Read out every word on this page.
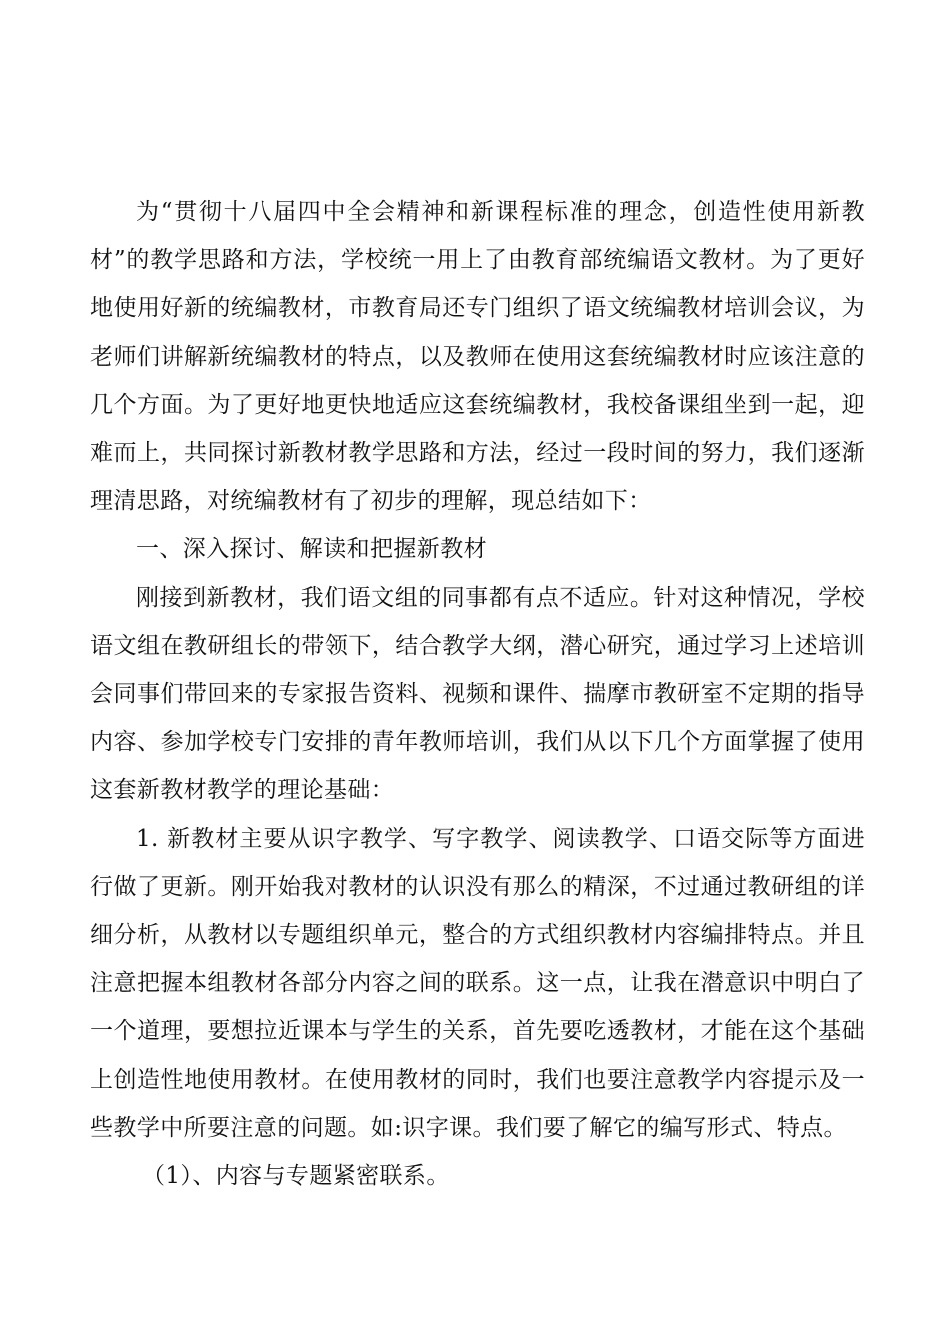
为“贯彻十八届四中全会精神和新课程标准的理念，创造性使用新教材”的教学思路和方法，学校统一用上了由教育部统编语文教材。为了更好地使用好新的统编教材，市教育局还专门组织了语文统编教材培训会议，为老师们讲解新统编教材的特点，以及教师在使用这套统编教材时应该注意的几个方面。为了更好地更快地适应这套统编教材，我校备课组坐到一起，迎难而上，共同探讨新教材教学思路和方法，经过一段时间的努力，我们逐渐理清思路，对统编教材有了初步的理解，现总结如下：

一、深入探讨、解读和把握新教材

刚接到新教材，我们语文组的同事都有点不适应。针对这种情况，学校语文组在教研组长的带领下，结合教学大纲，潜心研究，通过学习上述培训会同事们带回来的专家报告资料、视频和课件、揣摩市教研室不定期的指导内容、参加学校专门安排的青年教师培训，我们从以下几个方面掌握了使用这套新教材教学的理论基础：

1. 新教材主要从识字教学、写字教学、阅读教学、口语交际等方面进行做了更新。刚开始我对教材的认识没有那么的精深，不过通过教研组的详细分析，从教材以专题组织单元，整合的方式组织教材内容编排特点。并且注意把握本组教材各部分内容之间的联系。这一点，让我在潜意识中明白了一个道理，要想拉近课本与学生的关系，首先要吃透教材，才能在这个基础上创造性地使用教材。在使用教材的同时，我们也要注意教学内容提示及一些教学中所要注意的问题。如:识字课。我们要了解它的编写形式、特点。

（1）、内容与专题紧密联系。
